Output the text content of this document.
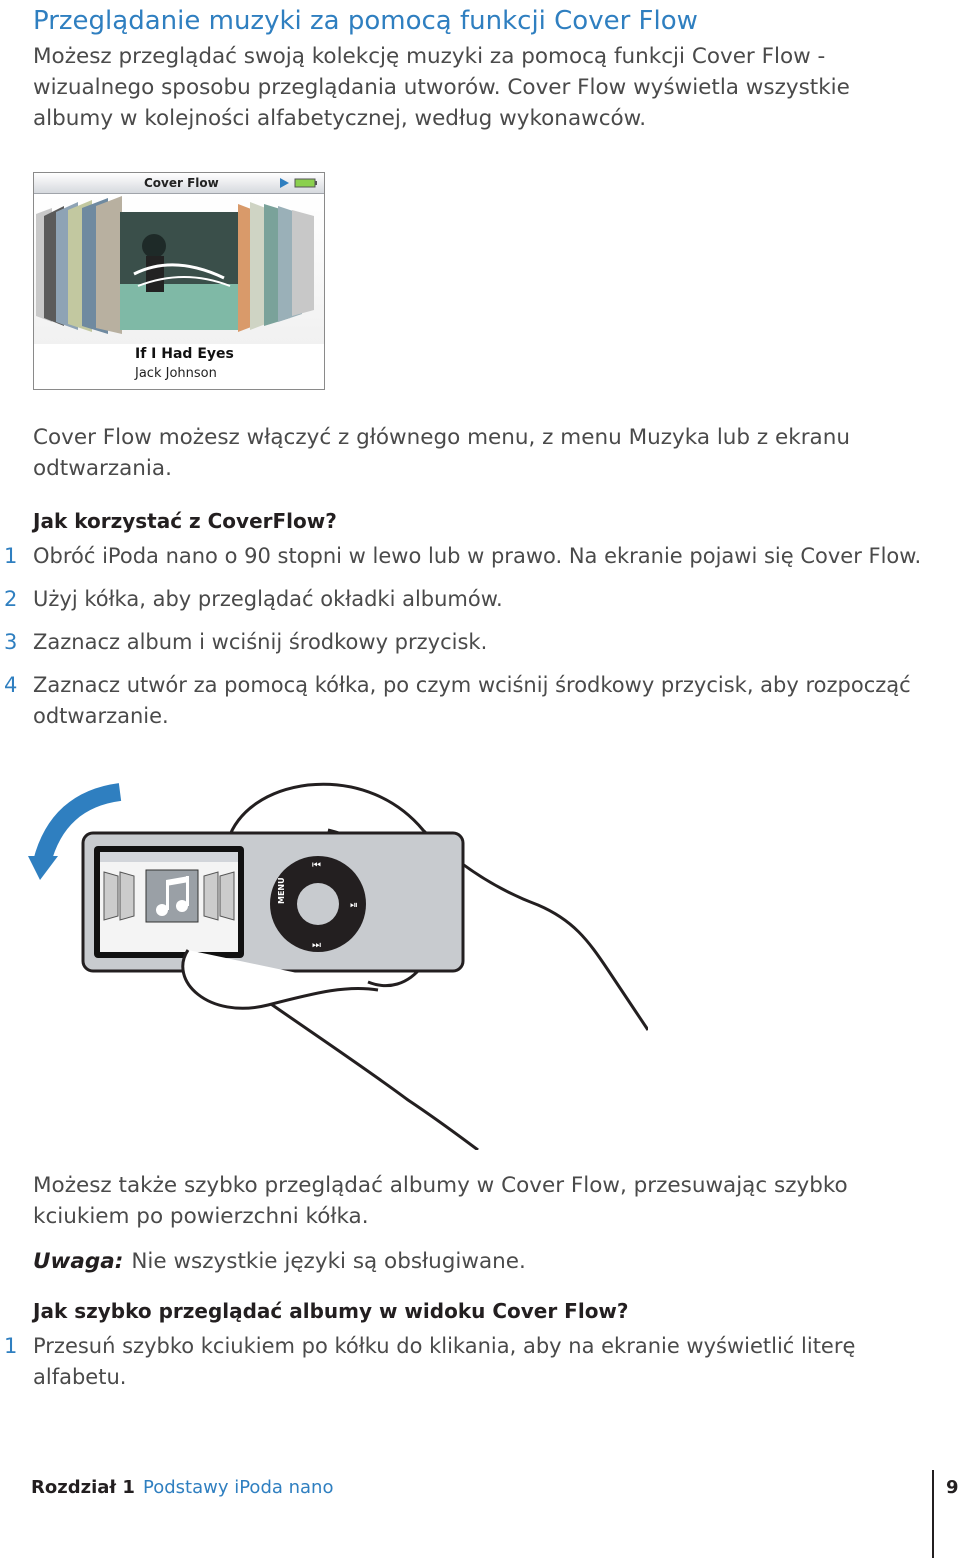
Przeglądanie muzyki za pomocą funkcji Cover Flow
Możesz przeglądać swoją kolekcję muzyki za pomocą funkcji Cover Flow - wizualnego sposobu przeglądania utworów. Cover Flow wyświetla wszystkie albumy w kolejności alfabetycznej, według wykonawców.
Cover Flow
If I Had Eyes
Jack Johnson
Cover Flow możesz włączyć z głównego menu, z menu Muzyka lub z ekranu odtwarzania.
Jak korzystać z CoverFlow?
1 Obróć iPoda nano o 90 stopni w lewo lub w prawo. Na ekranie pojawi się Cover Flow.
2 Użyj kółka, aby przeglądać okładki albumów.
3 Zaznacz album i wciśnij środkowy przycisk.
4 Zaznacz utwór za pomocą kółka, po czym wciśnij środkowy przycisk, aby rozpocząć odtwarzanie.
MENU
⏮
⏭
⏯
Możesz także szybko przeglądać albumy w Cover Flow, przesuwając szybko kciukiem po powierzchni kółka.
Uwaga: Nie wszystkie języki są obsługiwane.
Jak szybko przeglądać albumy w widoku Cover Flow?
1 Przesuń szybko kciukiem po kółku do klikania, aby na ekranie wyświetlić literę alfabetu.
Rozdział 1 Podstawy iPoda nano	9
